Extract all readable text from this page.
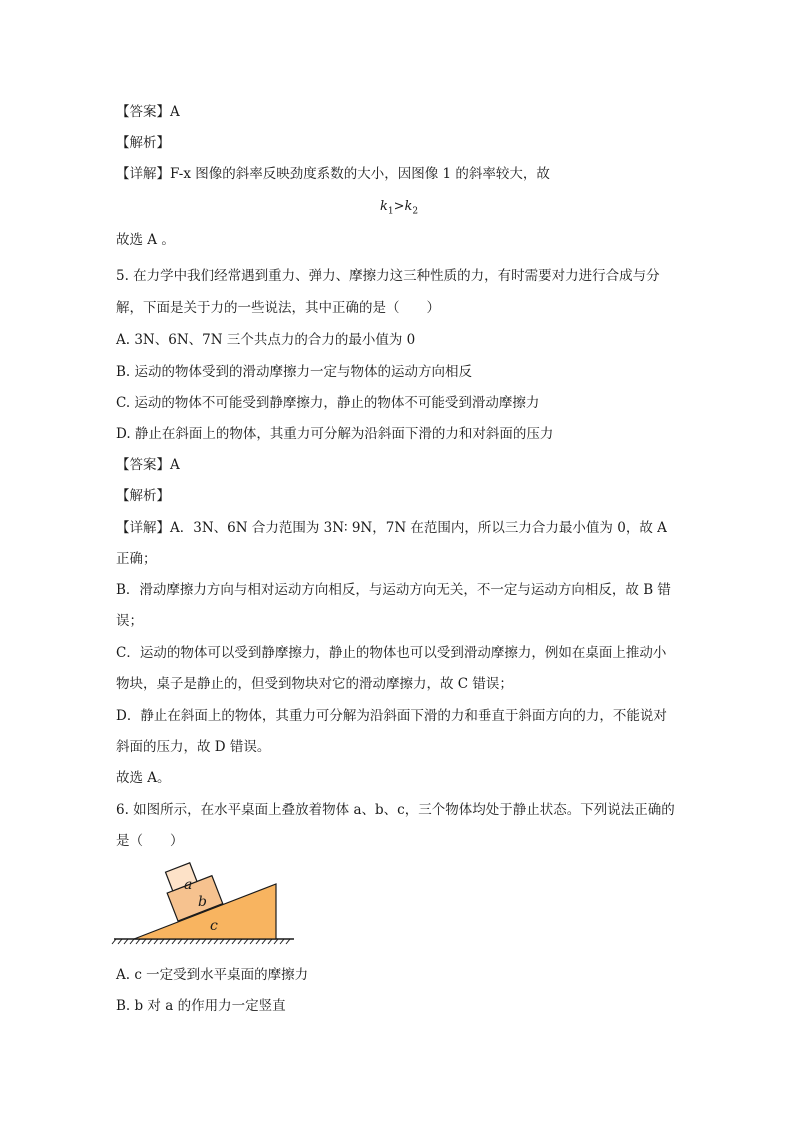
【答案】A
【解析】
【详解】F-x 图像的斜率反映劲度系数的大小，因图像 1 的斜率较大，故
$k_1>k_2$
故选 A 。
5. 在力学中我们经常遇到重力、弹力、摩擦力这三种性质的力，有时需要对力进行合成与分
解，下面是关于力的一些说法，其中正确的是（　　）
A. 3N、6N、7N 三个共点力的合力的最小值为 0
B. 运动的物体受到的滑动摩擦力一定与物体的运动方向相反
C. 运动的物体不可能受到静摩擦力，静止的物体不可能受到滑动摩擦力
D. 静止在斜面上的物体，其重力可分解为沿斜面下滑的力和对斜面的压力
【答案】A
【解析】
【详解】A．3N、6N 合力范围为 3N∶ 9N，7N 在范围内，所以三力合力最小值为 0，故 A
正确；
B．滑动摩擦力方向与相对运动方向相反，与运动方向无关，不一定与运动方向相反，故 B 错
误；
C．运动的物体可以受到静摩擦力，静止的物体也可以受到滑动摩擦力，例如在桌面上推动小
物块，桌子是静止的，但受到物块对它的滑动摩擦力，故 C 错误；
D．静止在斜面上的物体，其重力可分解为沿斜面下滑的力和垂直于斜面方向的力，不能说对
斜面的压力，故 D 错误。
故选 A。
6. 如图所示，在水平桌面上叠放着物体 a、b、c，三个物体均处于静止状态。下列说法正确的
是（　　）
a
b
c
A. c 一定受到水平桌面的摩擦力
B. b 对 a 的作用力一定竖直
